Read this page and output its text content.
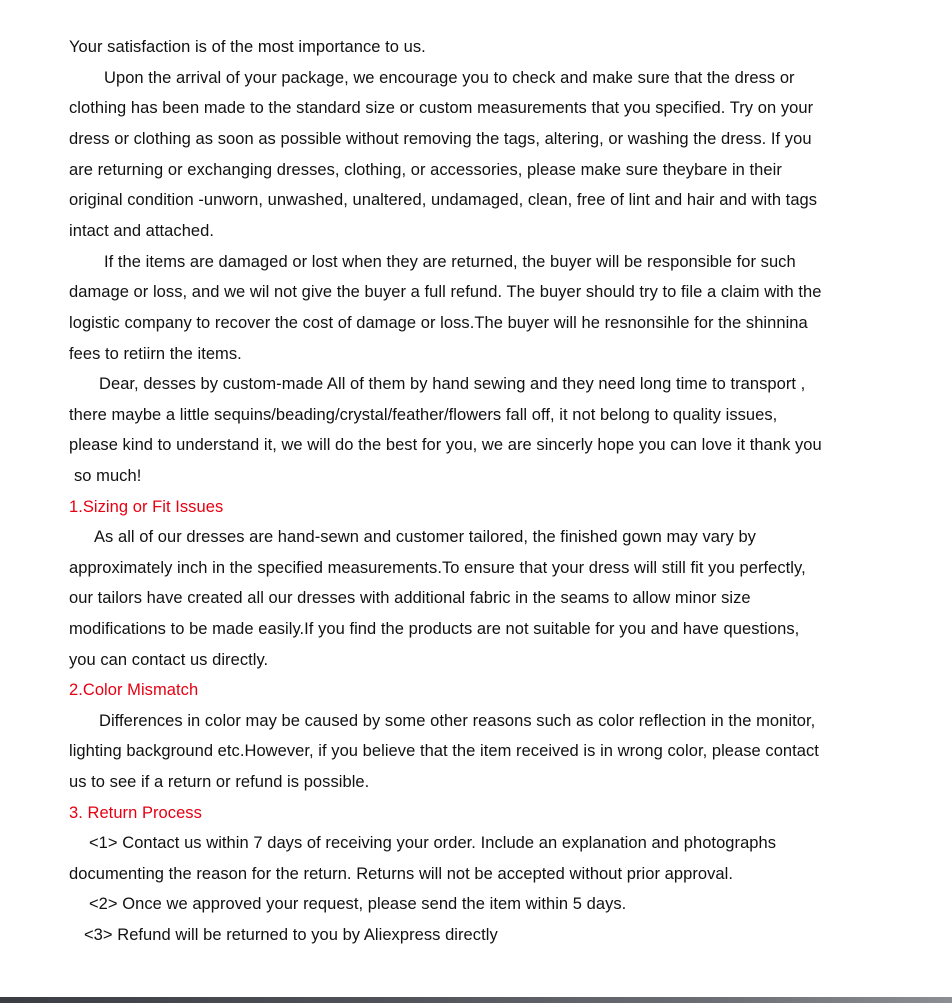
Your satisfaction is of the most importance to us.
Upon the arrival of your package, we encourage you to check and make sure that the dress or
clothing has been made to the standard size or custom measurements that you specified. Try on your
dress or clothing as soon as possible without removing the tags, altering, or washing the dress. If you
are returning or exchanging dresses, clothing, or accessories, please make sure theybare in their
original condition -unworn, unwashed, unaltered, undamaged, clean, free of lint and hair and with tags
intact and attached.
If the items are damaged or lost when they are returned, the buyer will be responsible for such
damage or loss, and we wil not give the buyer a full refund. The buyer should try to file a claim with the
logistic company to recover the cost of damage or loss.The buyer will he resnonsihle for the shinnina
fees to retiirn the items.
Dear, desses by custom-made All of them by hand sewing and they need long time to transport ,
there maybe a little sequins/beading/crystal/feather/flowers fall off, it not belong to quality issues,
please kind to understand it, we will do the best for you, we are sincerly hope you can love it thank you
so much!
1.Sizing or Fit Issues
As all of our dresses are hand-sewn and customer tailored, the finished gown may vary by
approximately inch in the specified measurements.To ensure that your dress will still fit you perfectly,
our tailors have created all our dresses with additional fabric in the seams to allow minor size
modifications to be made easily.If you find the products are not suitable for you and have questions,
you can contact us directly.
2.Color Mismatch
Differences in color may be caused by some other reasons such as color reflection in the monitor,
lighting background etc.However, if you believe that the item received is in wrong color, please contact
us to see if a return or refund is possible.
3. Return Process
<1> Contact us within 7 days of receiving your order. Include an explanation and photographs
documenting the reason for the return. Returns will not be accepted without prior approval.
<2> Once we approved your request, please send the item within 5 days.
<3> Refund will be returned to you by Aliexpress directly
